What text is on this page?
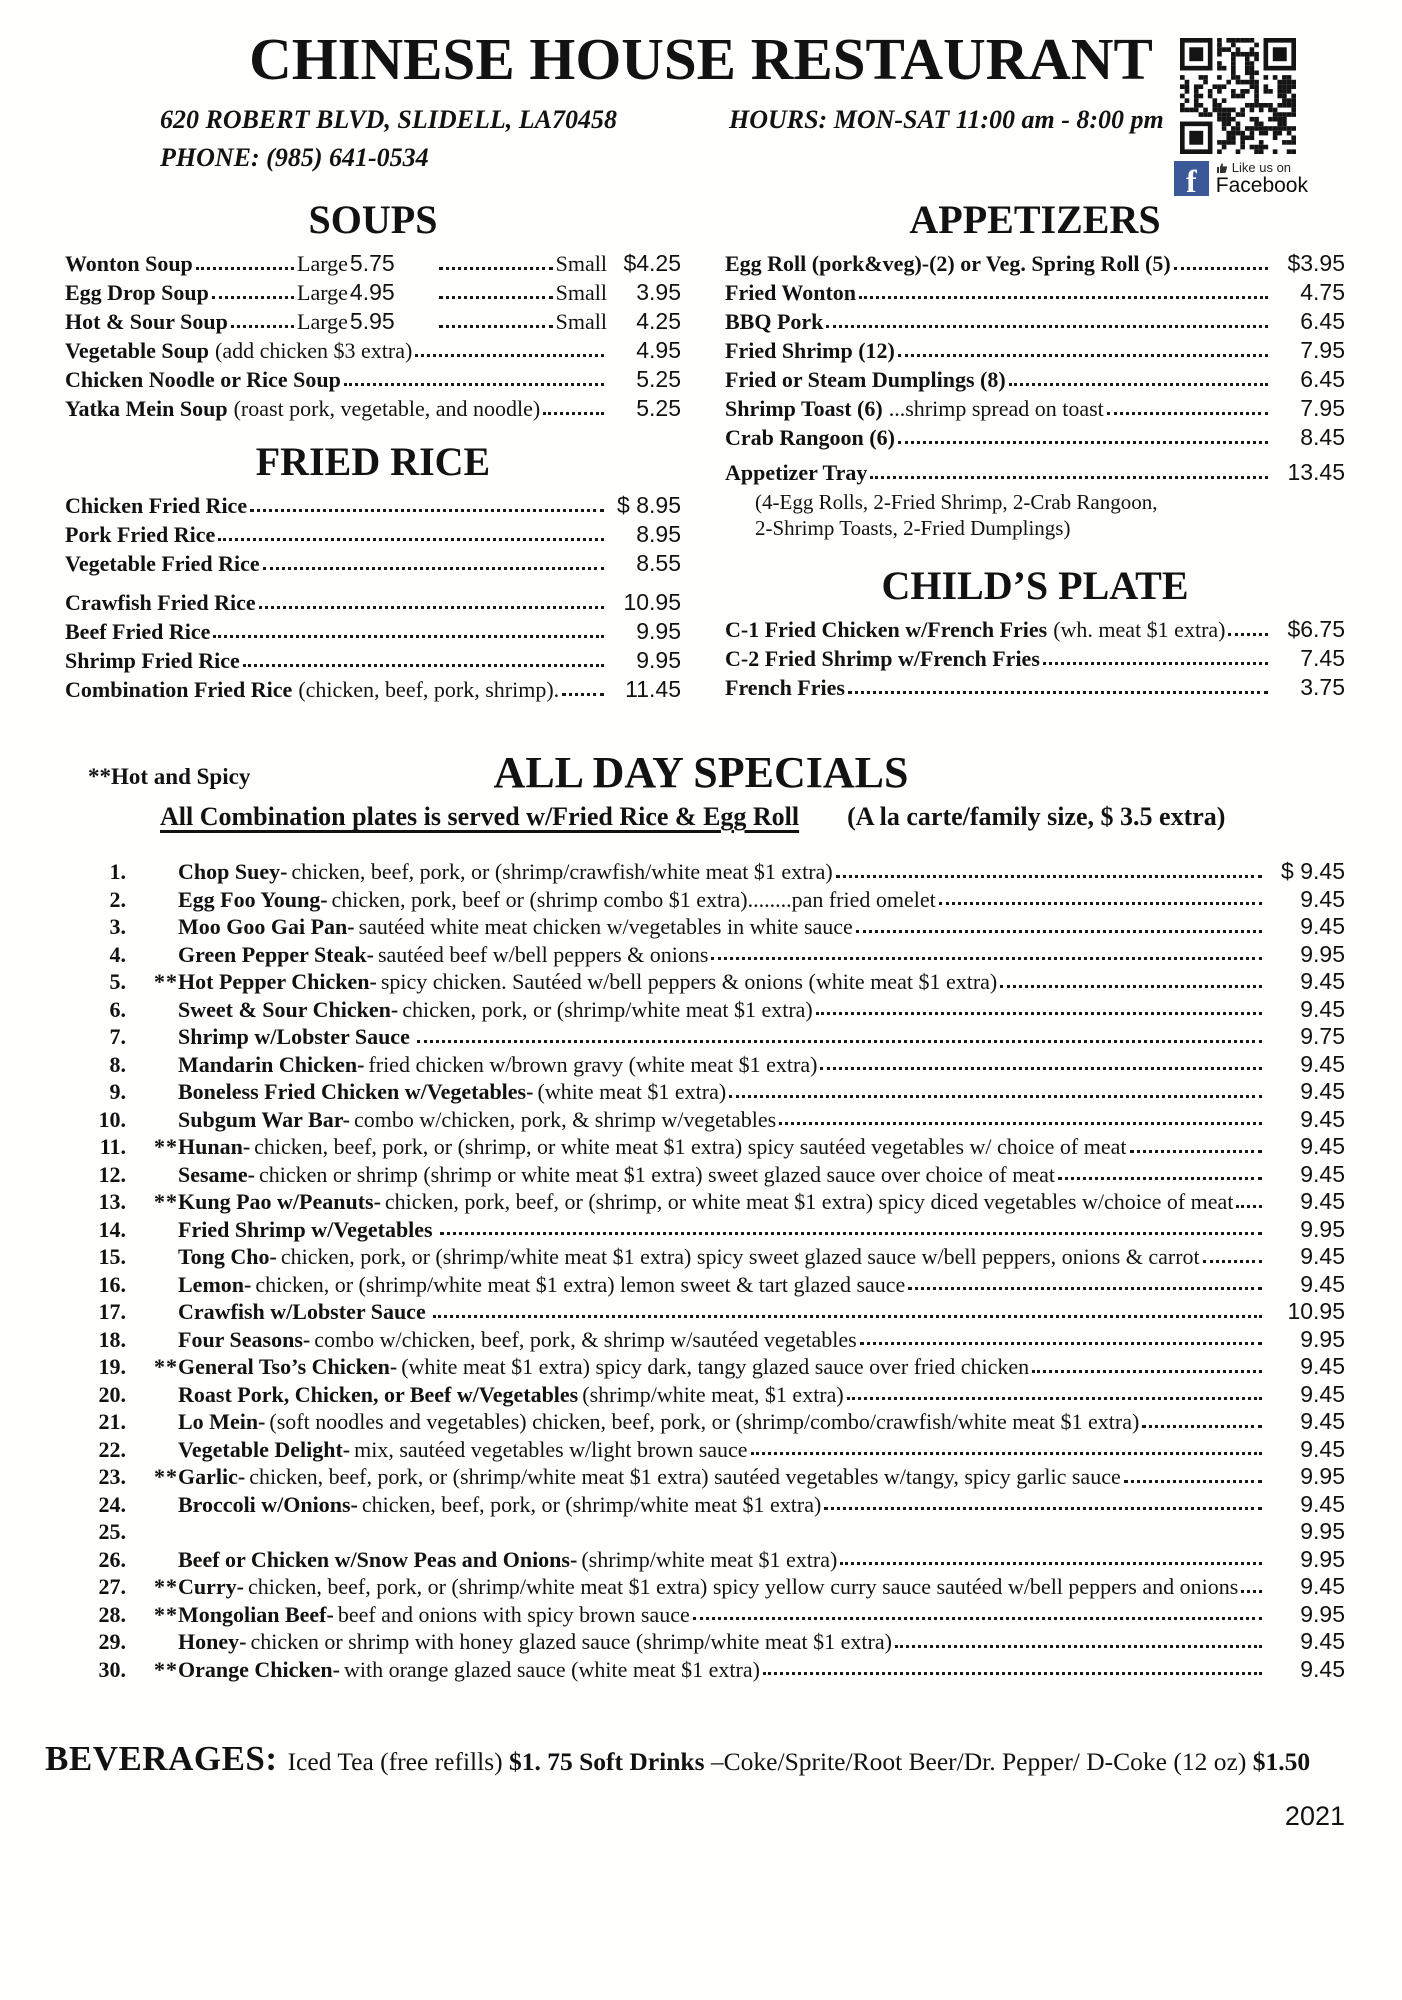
CHINESE HOUSE RESTAURANT
620 ROBERT BLVD, SLIDELL, LA70458	HOURS: MON-SAT 11:00 am - 8:00 pm
PHONE: (985) 641-0534
f	Like us on
Facebook
SOUPS
Wonton Soup	Large 5.75	Small $4.25
Egg Drop Soup	Large 4.95	Small	3.95
Hot & Sour Soup	Large 5.95	Small	4.25
Vegetable Soup (add chicken $3 extra)	4.95
Chicken Noodle or Rice Soup	5.25
Yatka Mein Soup (roast pork, vegetable, and noodle)	5.25
FRIED RICE
Chicken Fried Rice	$ 8.95
Pork Fried Rice	8.95
Vegetable Fried Rice	8.55
Crawfish Fried Rice	10.95
Beef Fried Rice	9.95
Shrimp Fried Rice	9.95
Combination Fried Rice (chicken, beef, pork, shrimp).	11.45
APPETIZERS
Egg Roll (pork&veg)-(2) or Veg. Spring Roll (5)	$3.95
Fried Wonton	4.75
BBQ Pork	6.45
Fried Shrimp (12)	7.95
Fried or Steam Dumplings (8)	6.45
Shrimp Toast (6) ...shrimp spread on toast	7.95
Crab Rangoon (6)	8.45
Appetizer Tray	13.45
(4-Egg Rolls, 2-Fried Shrimp, 2-Crab Rangoon,
2-Shrimp Toasts, 2-Fried Dumplings)
CHILD’S PLATE
C-1 Fried Chicken w/French Fries (wh. meat $1 extra)	$6.75
C-2 Fried Shrimp w/French Fries	7.45
French Fries	3.75
**Hot and Spicy	ALL DAY SPECIALS
All Combination plates is served w/Fried Rice & Egg Roll (A la carte/family size, $ 3.5 extra)
1. Chop Suey- chicken, beef, pork, or (shrimp/crawfish/white meat $1 extra)	$ 9.45
2. Egg Foo Young- chicken, pork, beef or (shrimp combo $1 extra)........pan fried omelet	9.45
3. Moo Goo Gai Pan- sautéed white meat chicken w/vegetables in white sauce	9.45
4. Green Pepper Steak- sautéed beef w/bell peppers & onions	9.95
5.	** Hot Pepper Chicken- spicy chicken. Sautéed w/bell peppers & onions (white meat $1 extra)	9.45
6. Sweet & Sour Chicken- chicken, pork, or (shrimp/white meat $1 extra)	9.45
7. Shrimp w/Lobster Sauce	9.75
8. Mandarin Chicken- fried chicken w/brown gravy (white meat $1 extra)	9.45
9. Boneless Fried Chicken w/Vegetables- (white meat $1 extra)	9.45
10. Subgum War Bar- combo w/chicken, pork, & shrimp w/vegetables	9.45
11.	** Hunan- chicken, beef, pork, or (shrimp, or white meat $1 extra) spicy sautéed vegetables w/ choice of meat	9.45
12. Sesame- chicken or shrimp (shrimp or white meat $1 extra) sweet glazed sauce over choice of meat	9.45
13.	** Kung Pao w/Peanuts- chicken, pork, beef, or (shrimp, or white meat $1 extra) spicy diced vegetables w/choice of meat	9.45
14. Fried Shrimp w/Vegetables	9.95
15. Tong Cho- chicken, pork, or (shrimp/white meat $1 extra) spicy sweet glazed sauce w/bell peppers, onions & carrot	9.45
16. Lemon- chicken, or (shrimp/white meat $1 extra) lemon sweet & tart glazed sauce	9.45
17. Crawfish w/Lobster Sauce	10.95
18. Four Seasons- combo w/chicken, beef, pork, & shrimp w/sautéed vegetables	9.95
19.	** General Tso’s Chicken- (white meat $1 extra) spicy dark, tangy glazed sauce over fried chicken	9.45
20. Roast Pork, Chicken, or Beef w/Vegetables (shrimp/white meat, $1 extra)	9.45
21. Lo Mein- (soft noodles and vegetables) chicken, beef, pork, or (shrimp/combo/crawfish/white meat $1 extra)	9.45
22. Vegetable Delight- mix, sautéed vegetables w/light brown sauce	9.45
23.	** Garlic- chicken, beef, pork, or (shrimp/white meat $1 extra) sautéed vegetables w/tangy, spicy garlic sauce	9.95
24. Broccoli w/Onions- chicken, beef, pork, or (shrimp/white meat $1 extra)	9.45
25.	9.95
26. Beef or Chicken w/Snow Peas and Onions- (shrimp/white meat $1 extra)	9.95
27.	** Curry- chicken, beef, pork, or (shrimp/white meat $1 extra) spicy yellow curry sauce sautéed w/bell peppers and onions	9.45
28.	** Mongolian Beef- beef and onions with spicy brown sauce	9.95
29. Honey- chicken or shrimp with honey glazed sauce (shrimp/white meat $1 extra)	9.45
30.	** Orange Chicken- with orange glazed sauce (white meat $1 extra)	9.45
BEVERAGES: Iced Tea (free refills) $1. 75 Soft Drinks –Coke/Sprite/Root Beer/Dr. Pepper/ D-Coke (12 oz) $1.50
2021
